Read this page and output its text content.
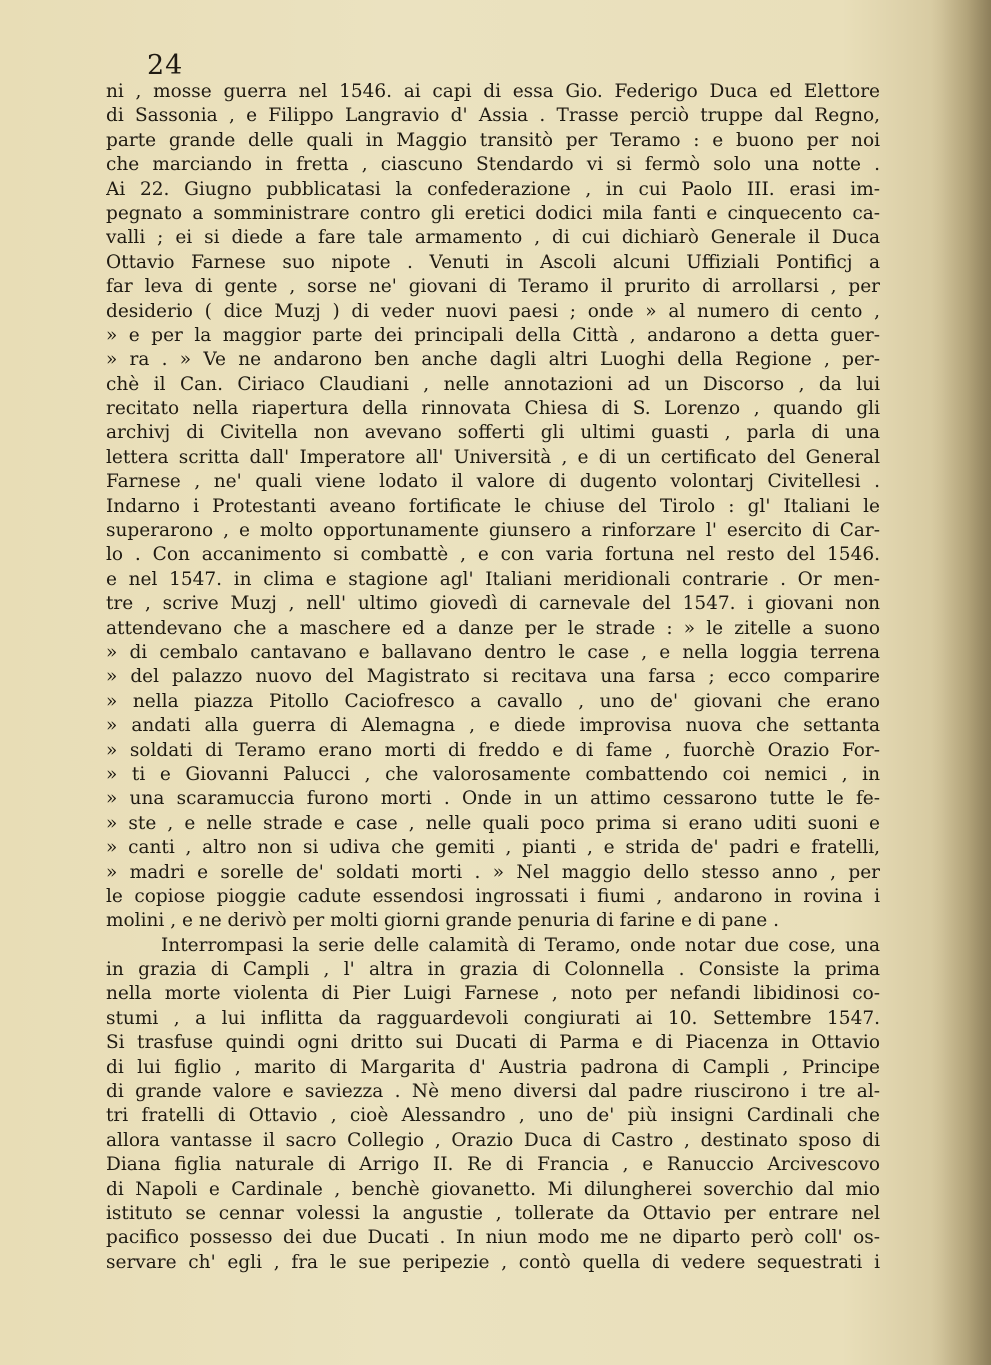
24
ni , mosse guerra nel 1546. ai capi di essa Gio. Federigo Duca ed Elettore
di Sassonia , e Filippo Langravio d' Assia . Trasse perciò truppe dal Regno,
parte grande delle quali in Maggio transitò per Teramo : e buono per noi
che marciando in fretta , ciascuno Stendardo vi si fermò solo una notte .
Ai 22. Giugno pubblicatasi la confederazione , in cui Paolo III. erasi im-
pegnato a somministrare contro gli eretici dodici mila fanti e cinquecento ca-
valli ; ei si diede a fare tale armamento , di cui dichiarò Generale il Duca
Ottavio Farnese suo nipote . Venuti in Ascoli alcuni Uffiziali Pontificj a
far leva di gente , sorse ne' giovani di Teramo il prurito di arrollarsi , per
desiderio ( dice Muzj ) di veder nuovi paesi ; onde » al numero di cento ,
» e per la maggior parte dei principali della Città , andarono a detta guer-
» ra . » Ve ne andarono ben anche dagli altri Luoghi della Regione , per-
chè il Can. Ciriaco Claudiani , nelle annotazioni ad un Discorso , da lui
recitato nella riapertura della rinnovata Chiesa di S. Lorenzo , quando gli
archivj di Civitella non avevano sofferti gli ultimi guasti , parla di una
lettera scritta dall' Imperatore all' Università , e di un certificato del General
Farnese , ne' quali viene lodato il valore di dugento volontarj Civitellesi .
Indarno i Protestanti aveano fortificate le chiuse del Tirolo : gl' Italiani le
superarono , e molto opportunamente giunsero a rinforzare l' esercito di Car-
lo . Con accanimento si combattè , e con varia fortuna nel resto del 1546.
e nel 1547. in clima e stagione agl' Italiani meridionali contrarie . Or men-
tre , scrive Muzj , nell' ultimo giovedì di carnevale del 1547. i giovani non
attendevano che a maschere ed a danze per le strade : » le zitelle a suono
» di cembalo cantavano e ballavano dentro le case , e nella loggia terrena
» del palazzo nuovo del Magistrato si recitava una farsa ; ecco comparire
» nella piazza Pitollo Caciofresco a cavallo , uno de' giovani che erano
» andati alla guerra di Alemagna , e diede improvisa nuova che settanta
» soldati di Teramo erano morti di freddo e di fame , fuorchè Orazio For-
» ti e Giovanni Palucci , che valorosamente combattendo coi nemici , in
» una scaramuccia furono morti . Onde in un attimo cessarono tutte le fe-
» ste , e nelle strade e case , nelle quali poco prima si erano uditi suoni e
» canti , altro non si udiva che gemiti , pianti , e strida de' padri e fratelli,
» madri e sorelle de' soldati morti . » Nel maggio dello stesso anno , per
le copiose pioggie cadute essendosi ingrossati i fiumi , andarono in rovina i
molini , e ne derivò per molti giorni grande penuria di farine e di pane .
Interrompasi la serie delle calamità di Teramo, onde notar due cose, una
in grazia di Campli , l' altra in grazia di Colonnella . Consiste la prima
nella morte violenta di Pier Luigi Farnese , noto per nefandi libidinosi co-
stumi , a lui inflitta da ragguardevoli congiurati ai 10. Settembre 1547.
Si trasfuse quindi ogni dritto sui Ducati di Parma e di Piacenza in Ottavio
di lui figlio , marito di Margarita d' Austria padrona di Campli , Principe
di grande valore e saviezza . Nè meno diversi dal padre riuscirono i tre al-
tri fratelli di Ottavio , cioè Alessandro , uno de' più insigni Cardinali che
allora vantasse il sacro Collegio , Orazio Duca di Castro , destinato sposo di
Diana figlia naturale di Arrigo II. Re di Francia , e Ranuccio Arcivescovo
di Napoli e Cardinale , benchè giovanetto. Mi dilungherei soverchio dal mio
istituto se cennar volessi la angustie , tollerate da Ottavio per entrare nel
pacifico possesso dei due Ducati . In niun modo me ne diparto però coll' os-
servare ch' egli , fra le sue peripezie , contò quella di vedere sequestrati i
